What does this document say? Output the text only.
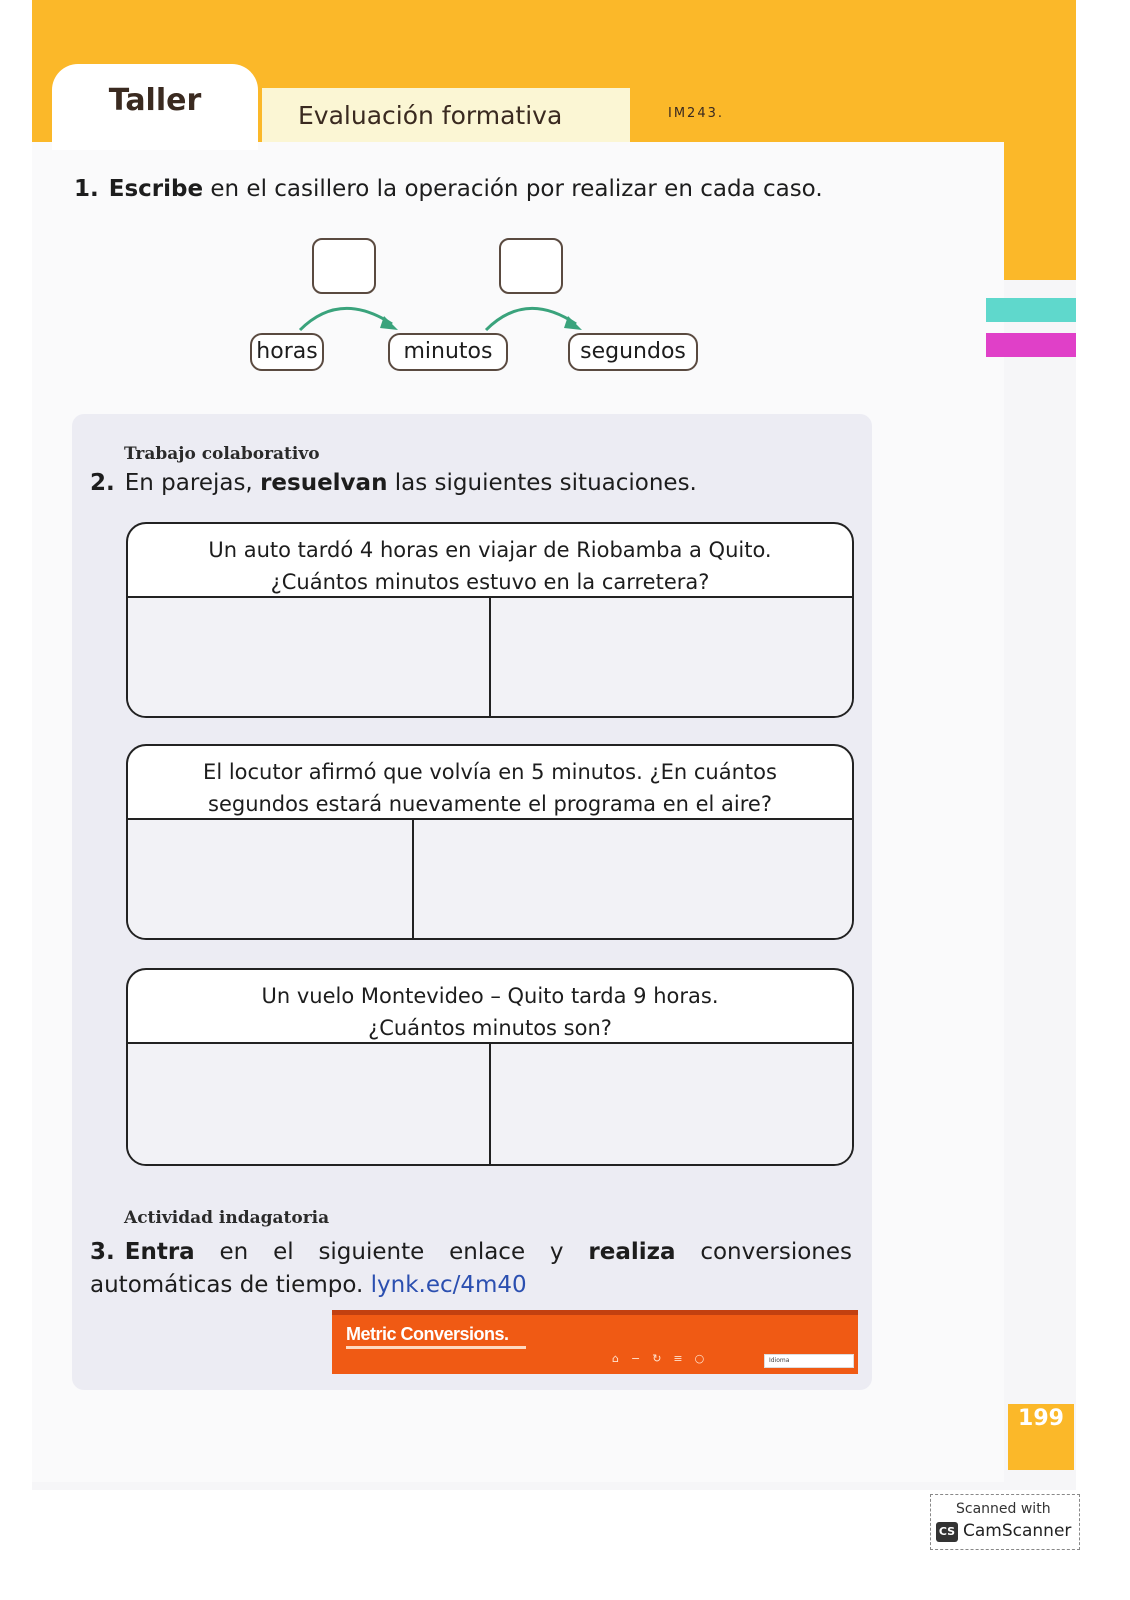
Taller	Evaluación formativa	IM243.
1. Escribe en el casillero la operación por realizar en cada caso.
horas	minutos	segundos
Trabajo colaborativo
2. En parejas, resuelvan las siguientes situaciones.
Un auto tardó 4 horas en viajar de Riobamba a Quito.
¿Cuántos minutos estuvo en la carretera?
El locutor afirmó que volvía en 5 minutos. ¿En cuántos
segundos estará nuevamente el programa en el aire?
Un vuelo Montevideo – Quito tarda 9 horas.
¿Cuántos minutos son?
Actividad indagatoria
3. Entra en el siguiente enlace y realiza conversiones automáticas de tiempo. lynk.ec/4m40
Metric Conversions.
⌂−↻≡○	Idioma
199
Scanned with
CS CamScanner
